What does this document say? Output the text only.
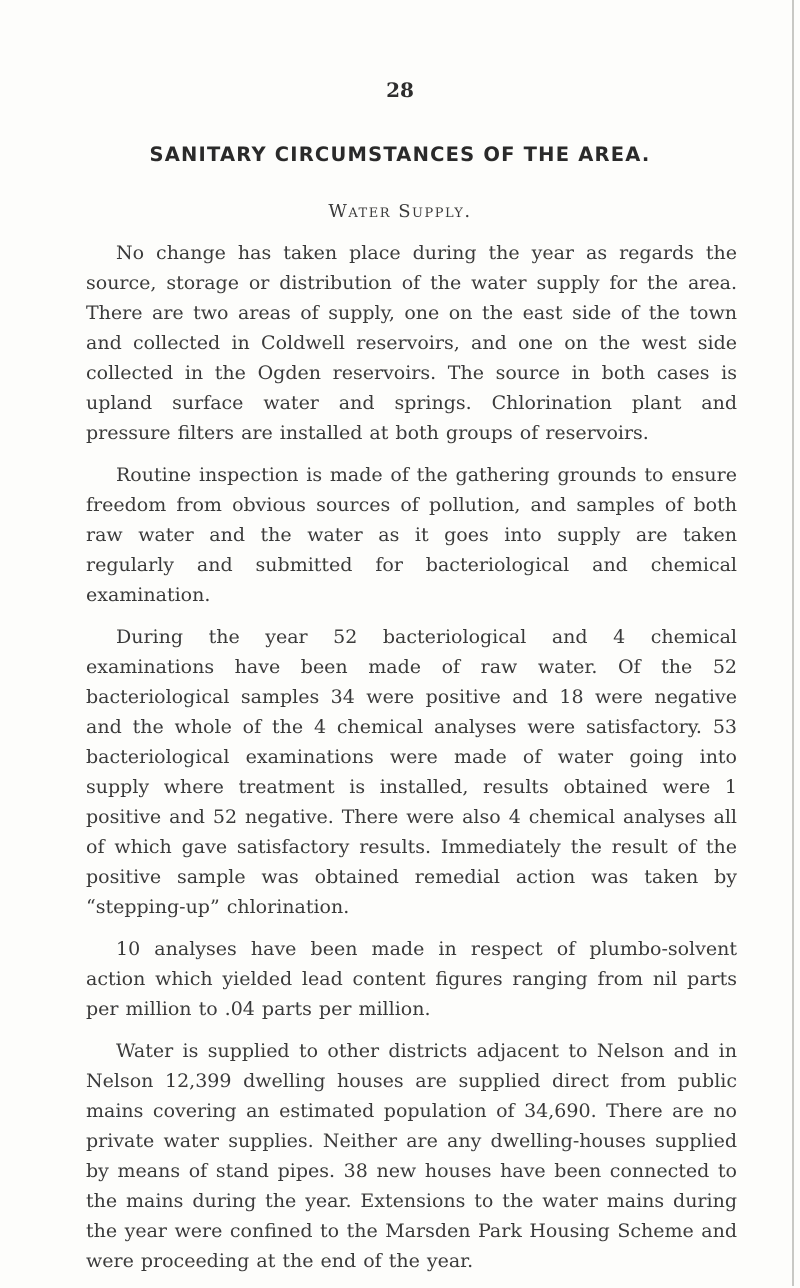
28
SANITARY CIRCUMSTANCES OF THE AREA.
Water Supply.

No change has taken place during the year as regards the source, storage or distribution of the water supply for the area. There are two areas of supply, one on the east side of the town and collected in Coldwell reservoirs, and one on the west side collected in the Ogden reservoirs. The source in both cases is upland surface water and springs. Chlorination plant and pressure filters are installed at both groups of reservoirs.

Routine inspection is made of the gathering grounds to ensure freedom from obvious sources of pollution, and samples of both raw water and the water as it goes into supply are taken regularly and submitted for bacteriological and chemical examination.

During the year 52 bacteriological and 4 chemical examinations have been made of raw water. Of the 52 bacteriological samples 34 were positive and 18 were negative and the whole of the 4 chemical analyses were satisfactory. 53 bacteriological examinations were made of water going into supply where treatment is installed, results obtained were 1 positive and 52 negative. There were also 4 chemical analyses all of which gave satisfactory results. Immediately the result of the positive sample was obtained remedial action was taken by “stepping-up” chlorination.

10 analyses have been made in respect of plumbo-solvent action which yielded lead content figures ranging from nil parts per million to .04 parts per million.

Water is supplied to other districts adjacent to Nelson and in Nelson 12,399 dwelling houses are supplied direct from public mains covering an estimated population of 34,690. There are no private water supplies. Neither are any dwelling-houses supplied by means of stand pipes. 38 new houses have been connected to the mains during the year. Extensions to the water mains during the year were confined to the Marsden Park Housing Scheme and were proceeding at the end of the year.
